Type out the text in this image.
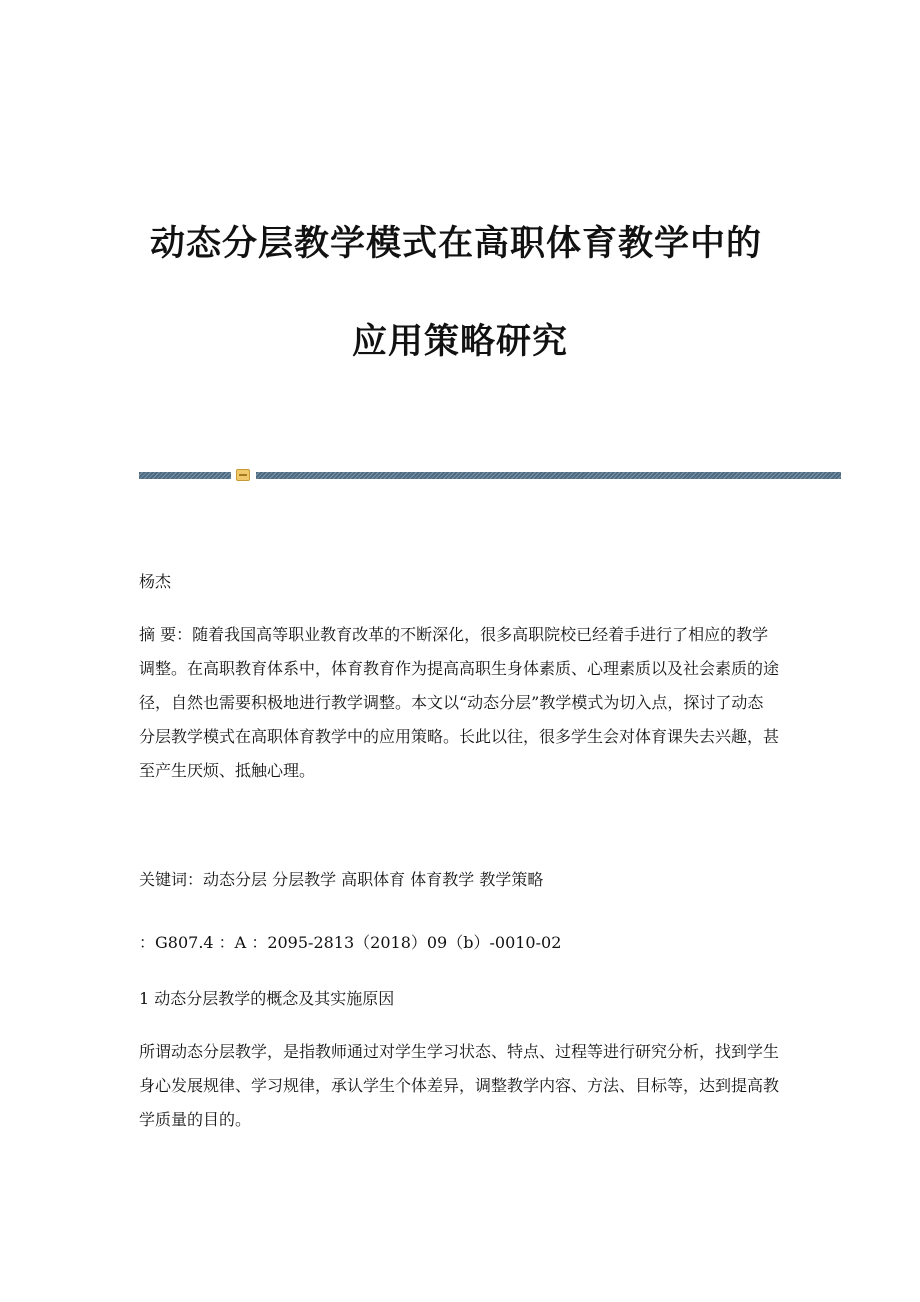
动态分层教学模式在高职体育教学中的
应用策略研究

杨杰

摘 要：随着我国高等职业教育改革的不断深化，很多高职院校已经着手进行了相应的教学调整。在高职教育体系中，体育教育作为提高高职生身体素质、心理素质以及社会素质的途径，自然也需要积极地进行教学调整。本文以“动态分层”教学模式为切入点，探讨了动态分层教学模式在高职体育教学中的应用策略。长此以往，很多学生会对体育课失去兴趣，甚至产生厌烦、抵触心理。

关键词：动态分层 分层教学 高职体育 体育教学 教学策略

：G807.4 ：A ：2095-2813（2018）09（b）-0010-02

1 动态分层教学的概念及其实施原因

所谓动态分层教学，是指教师通过对学生学习状态、特点、过程等进行研究分析，找到学生身心发展规律、学习规律，承认学生个体差异，调整教学内容、方法、目标等，达到提高教学质量的目的。
